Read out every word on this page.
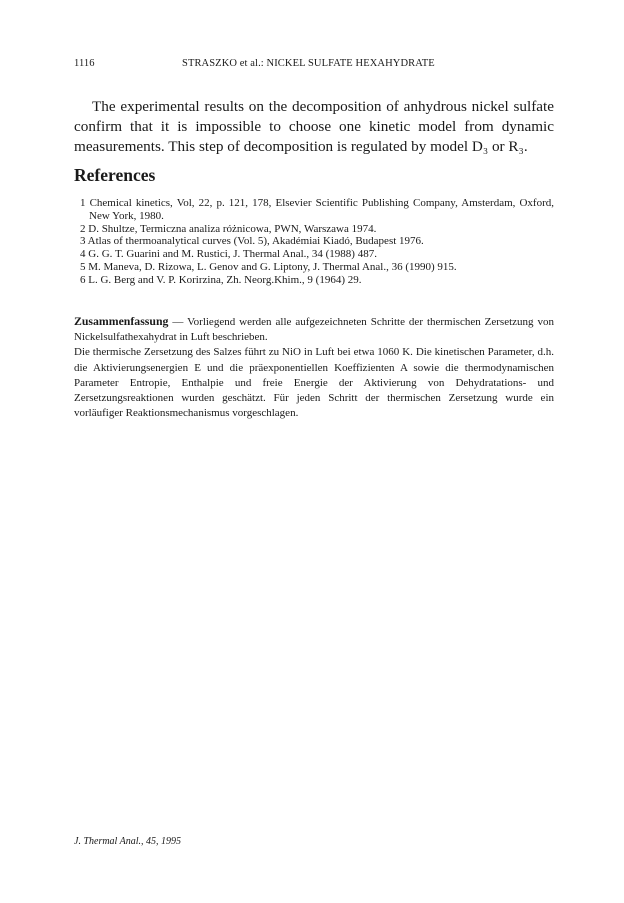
1116	STRASZKO et al.: NICKEL SULFATE HEXAHYDRATE

The experimental results on the decomposition of anhydrous nickel sulfate confirm that it is impossible to choose one kinetic model from dynamic measurements. This step of decomposition is regulated by model D₃ or R₃.

References
1 Chemical kinetics, Vol, 22, p. 121, 178, Elsevier Scientific Publishing Company, Amsterdam, Oxford, New York, 1980.
2 D. Shultze, Termiczna analiza różnicowa, PWN, Warszawa 1974.
3 Atlas of thermoanalytical curves (Vol. 5), Akadémiai Kiadó, Budapest 1976.
4 G. G. T. Guarini and M. Rustici, J. Thermal Anal., 34 (1988) 487.
5 M. Maneva, D. Rizowa, L. Genov and G. Liptony, J. Thermal Anal., 36 (1990) 915.
6 L. G. Berg and V. P. Korirzina, Zh. Neorg.Khim., 9 (1964) 29.

Zusammenfassung — Vorliegend werden alle aufgezeichneten Schritte der thermischen Zersetzung von Nickelsulfathexahydrat in Luft beschrieben.

Die thermische Zersetzung des Salzes führt zu NiO in Luft bei etwa 1060 K. Die kinetischen Parameter, d.h. die Aktivierungsenergien E und die präexponentiellen Koeffizienten A sowie die thermodynamischen Parameter Entropie, Enthalpie und freie Energie der Aktivierung von Dehydratations- und Zersetzungsreaktionen wurden geschätzt. Für jeden Schritt der thermischen Zersetzung wurde ein vorläufiger Reaktionsmechanismus vorgeschlagen.

J. Thermal Anal., 45, 1995
